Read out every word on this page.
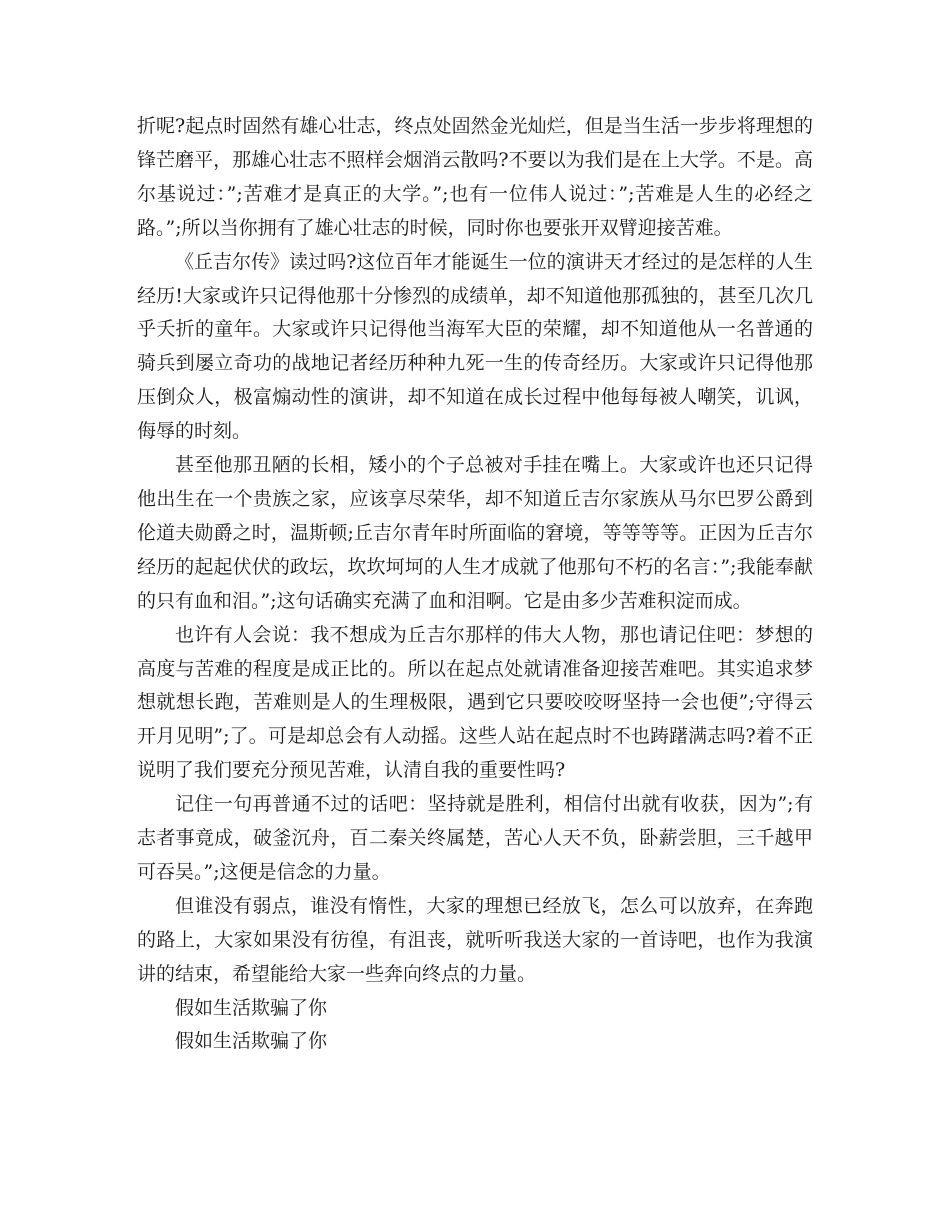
折呢?起点时固然有雄心壮志，终点处固然金光灿烂，但是当生活一步步将理想的锋芒磨平，那雄心壮志不照样会烟消云散吗?不要以为我们是在上大学。不是。高尔基说过：”;苦难才是真正的大学。”;也有一位伟人说过：”;苦难是人生的必经之路。”;所以当你拥有了雄心壮志的时候，同时你也要张开双臂迎接苦难。

《丘吉尔传》读过吗?这位百年才能诞生一位的演讲天才经过的是怎样的人生经历!大家或许只记得他那十分惨烈的成绩单，却不知道他那孤独的，甚至几次几乎夭折的童年。大家或许只记得他当海军大臣的荣耀，却不知道他从一名普通的骑兵到屡立奇功的战地记者经历种种九死一生的传奇经历。大家或许只记得他那压倒众人，极富煽动性的演讲，却不知道在成长过程中他每每被人嘲笑，讥讽，侮辱的时刻。

甚至他那丑陋的长相，矮小的个子总被对手挂在嘴上。大家或许也还只记得他出生在一个贵族之家，应该享尽荣华，却不知道丘吉尔家族从马尔巴罗公爵到伦道夫勋爵之时，温斯顿;丘吉尔青年时所面临的窘境，等等等等。正因为丘吉尔经历的起起伏伏的政坛，坎坎坷坷的人生才成就了他那句不朽的名言：”;我能奉献的只有血和泪。”;这句话确实充满了血和泪啊。它是由多少苦难积淀而成。

也许有人会说：我不想成为丘吉尔那样的伟大人物，那也请记住吧：梦想的高度与苦难的程度是成正比的。所以在起点处就请准备迎接苦难吧。其实追求梦想就想长跑，苦难则是人的生理极限，遇到它只要咬咬呀坚持一会也便”;守得云开月见明”;了。可是却总会有人动摇。这些人站在起点时不也踌躇满志吗?着不正说明了我们要充分预见苦难，认清自我的重要性吗?

记住一句再普通不过的话吧：坚持就是胜利，相信付出就有收获，因为”;有志者事竟成，破釜沉舟，百二秦关终属楚，苦心人天不负，卧薪尝胆，三千越甲可吞吴。”;这便是信念的力量。

但谁没有弱点，谁没有惰性，大家的理想已经放飞，怎么可以放弃，在奔跑的路上，大家如果没有彷徨，有沮丧，就听听我送大家的一首诗吧，也作为我演讲的结束，希望能给大家一些奔向终点的力量。

假如生活欺骗了你

假如生活欺骗了你
